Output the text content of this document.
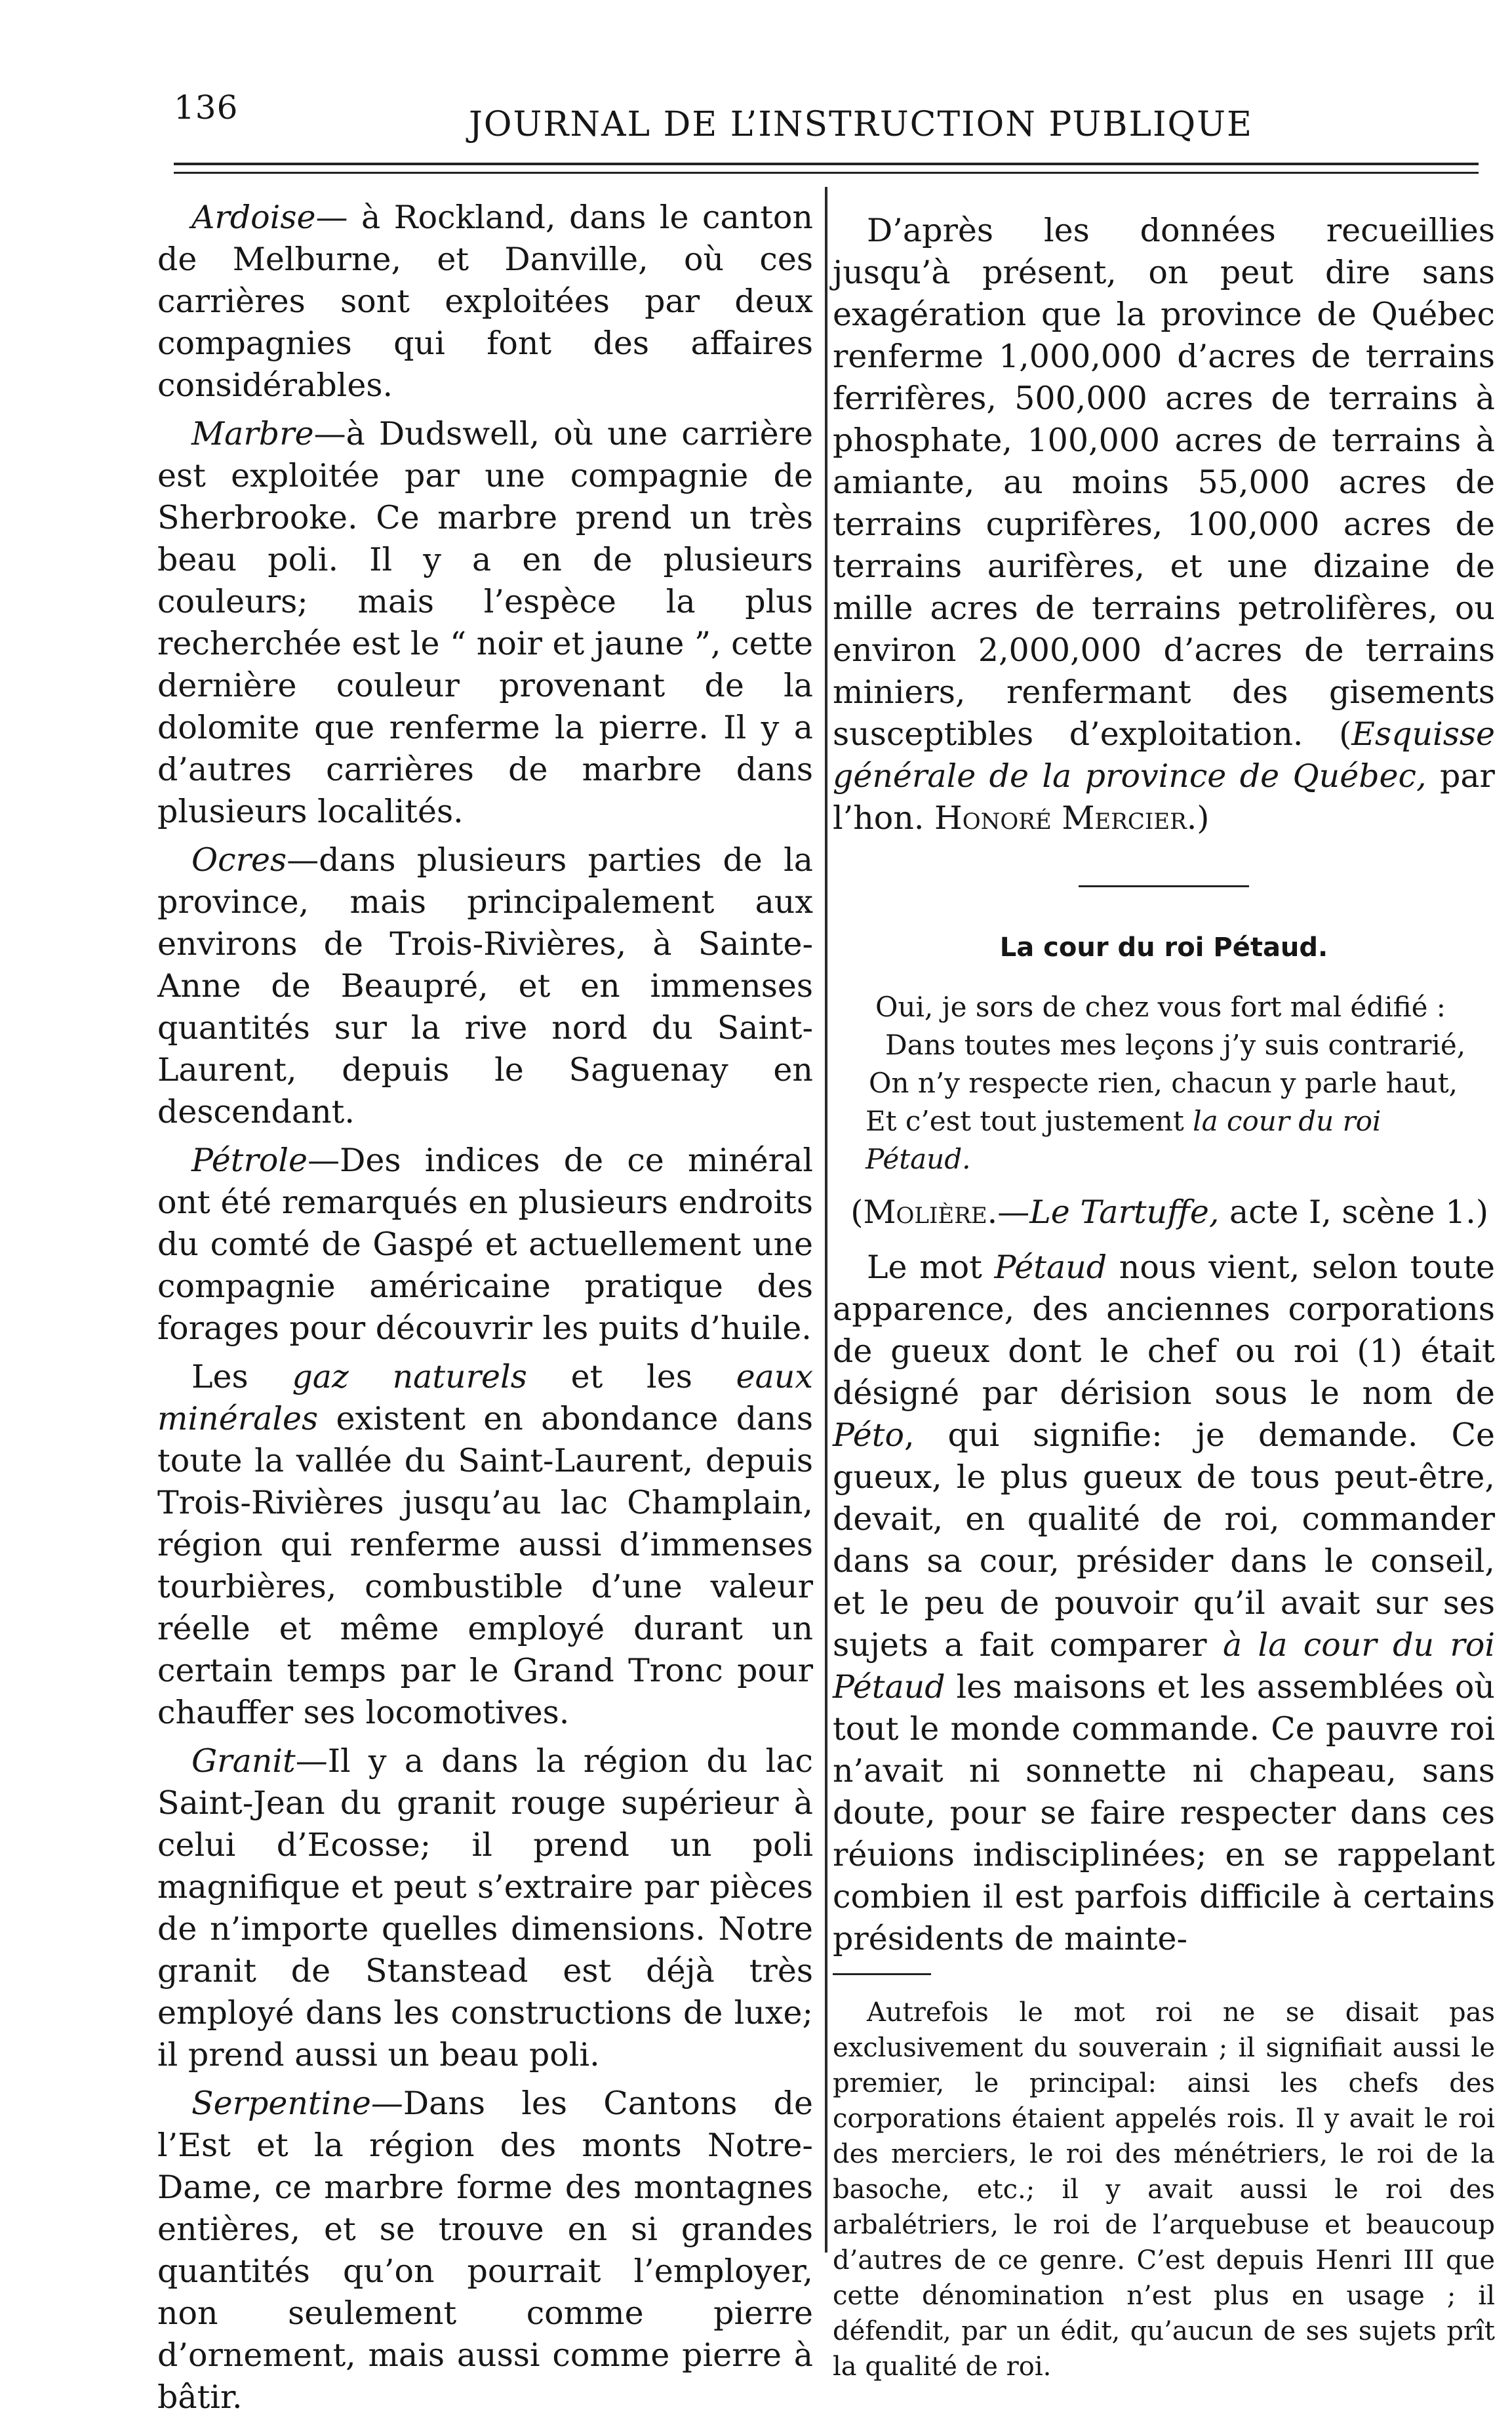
136	JOURNAL DE L’INSTRUCTION PUBLIQUE

Ardoise— à Rockland, dans le canton de Melburne, et Danville, où ces carrières sont exploitées par deux compagnies qui font des affaires considérables.

Marbre—à Dudswell, où une carrière est exploitée par une compagnie de Sherbrooke. Ce marbre prend un très beau poli. Il y a en de plusieurs couleurs; mais l’espèce la plus recherchée est le “ noir et jaune ”, cette dernière couleur provenant de la dolomite que renferme la pierre. Il y a d’autres carrières de marbre dans plusieurs localités.

Ocres—dans plusieurs parties de la province, mais principalement aux environs de Trois-Rivières, à Sainte-Anne de Beaupré, et en immenses quantités sur la rive nord du Saint-Laurent, depuis le Saguenay en descendant.

Pétrole—Des indices de ce minéral ont été remarqués en plusieurs endroits du comté de Gaspé et actuellement une compagnie américaine pratique des forages pour découvrir les puits d’huile.

Les gaz naturels et les eaux minérales existent en abondance dans toute la vallée du Saint-Laurent, depuis Trois-Rivières jusqu’au lac Champlain, région qui renferme aussi d’immenses tourbières, combustible d’une valeur réelle et même employé durant un certain temps par le Grand Tronc pour chauffer ses locomotives.

Granit—Il y a dans la région du lac Saint-Jean du granit rouge supérieur à celui d’Ecosse; il prend un poli magnifique et peut s’extraire par pièces de n’importe quelles dimensions. Notre granit de Stanstead est déjà très employé dans les constructions de luxe; il prend aussi un beau poli.

Serpentine—Dans les Cantons de l’Est et la région des monts Notre-Dame, ce marbre forme des montagnes entières, et se trouve en si grandes quantités qu’on pourrait l’employer, non seulement comme pierre d’ornement, mais aussi comme pierre à bâtir.

D’après les données recueillies jusqu’à présent, on peut dire sans exagération que la province de Québec renferme 1,000,000 d’acres de terrains ferrifères, 500,000 acres de terrains à phosphate, 100,000 acres de terrains à amiante, au moins 55,000 acres de terrains cuprifères, 100,000 acres de terrains aurifères, et une dizaine de mille acres de terrains petrolifères, ou environ 2,000,000 d’acres de terrains miniers, renfermant des gisements susceptibles d’exploitation. (Esquisse générale de la province de Québec, par l’hon. Honoré Mercier.)

La cour du roi Pétaud.
Oui, je sors de chez vous fort mal édifié :
Dans toutes mes leçons j’y suis contrarié,
On n’y respecte rien, chacun y parle haut,
Et c’est tout justement la cour du roi Pétaud.
(Molière.—Le Tartuffe, acte I, scène 1.)

Le mot Pétaud nous vient, selon toute apparence, des anciennes corporations de gueux dont le chef ou roi (1) était désigné par dérision sous le nom de Péto, qui signifie: je demande. Ce gueux, le plus gueux de tous peut-être, devait, en qualité de roi, commander dans sa cour, présider dans le conseil, et le peu de pouvoir qu’il avait sur ses sujets a fait comparer à la cour du roi Pétaud les maisons et les assemblées où tout le monde commande. Ce pauvre roi n’avait ni sonnette ni chapeau, sans doute, pour se faire respecter dans ces réuions indisciplinées; en se rappelant combien il est parfois difficile à certains présidents de mainte-

Autrefois le mot roi ne se disait pas exclusivement du souverain ; il signifiait aussi le premier, le principal: ainsi les chefs des corporations étaient appelés rois. Il y avait le roi des merciers, le roi des ménétriers, le roi de la basoche, etc.; il y avait aussi le roi des arbalétriers, le roi de l’arquebuse et beaucoup d’autres de ce genre. C’est depuis Henri III que cette dénomination n’est plus en usage ; il défendit, par un édit, qu’aucun de ses sujets prît la qualité de roi.
